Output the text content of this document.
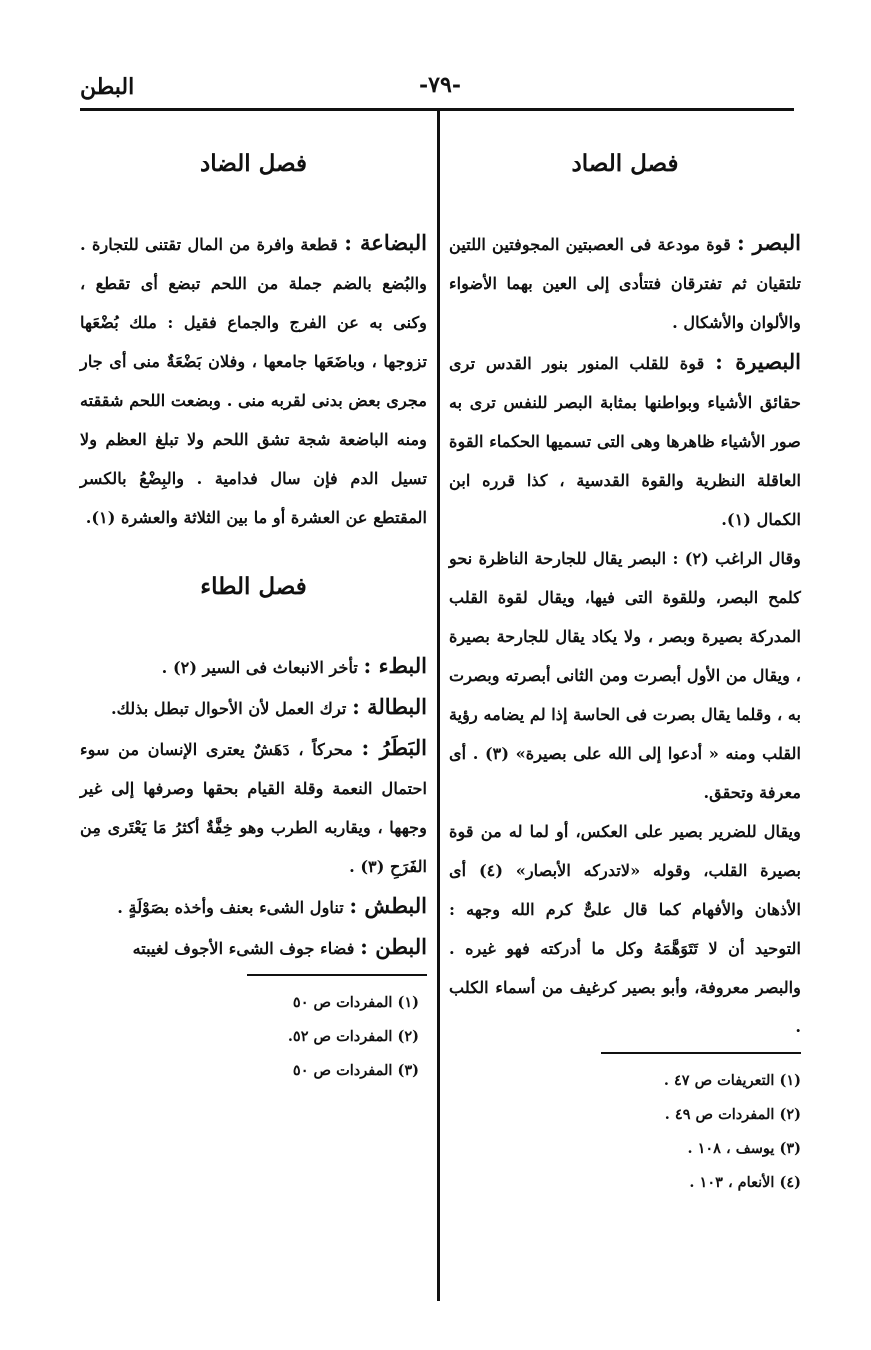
-٧٩-
البطن
فصل الصاد

البصر : قوة مودعة فى العصبتين المجوفتين اللتين تلتقيان ثم تفترقان فتتأدى إلى العين بهما الأضواء والألوان والأشكال .

البصيرة : قوة للقلب المنور بنور القدس ترى حقائق الأشياء وبواطنها بمثابة البصر للنفس ترى به صور الأشياء ظاهرها وهى التى تسميها الحكماء القوة العاقلة النظرية والقوة القدسية ، كذا قرره ابن الكمال (١).

وقال الراغب (٢) : البصر يقال للجارحة الناظرة نحو كلمح البصر، وللقوة التى فيها، ويقال لقوة القلب المدركة بصيرة وبصر ، ولا يكاد يقال للجارحة بصيرة ، ويقال من الأول أبصرت ومن الثانى أبصرته وبصرت به ، وقلما يقال بصرت فى الحاسة إذا لم يضامه رؤية القلب ومنه « أدعوا إلى الله على بصيرة» (٣) . أى معرفة وتحقق.

ويقال للضرير بصير على العكس، أو لما له من قوة بصيرة القلب، وقوله «لاتدركه الأبصار» (٤) أى الأذهان والأفهام كما قال علىٌّ كرم الله وجهه : التوحيد أن لا تَتَوَهَّمَهُ وكل ما أدركته فهو غيره . والبصر معروفة، وأبو بصير كرغيف من أسماء الكلب .

(١) التعريفات ص ٤٧ .

(٢) المفردات ص ٤٩ .

(٣) يوسف ، ١٠٨ .

(٤) الأنعام ، ١٠٣ .

فصل الضاد

البضاعة : قطعة وافرة من المال تقتنى للتجارة . والبُضع بالضم جملة من اللحم تبضع أى تقطع ، وكنى به عن الفرج والجماع فقيل : ملك بُضْعَها تزوجها ، وباضَعَها جامعها ، وفلان بَضْعَةٌ منى أى جار مجرى بعض بدنى لقربه منى . وبضعت اللحم شققته ومنه الباضعة شجة تشق اللحم ولا تبلغ العظم ولا تسيل الدم فإن سال فدامية . والبِضْعُ بالكسر المقتطع عن العشرة أو ما بين الثلاثة والعشرة (١).

فصل الطاء

البطء : تأخر الانبعاث فى السير (٢) .

البطالة : ترك العمل لأن الأحوال تبطل بذلك.

البَطَرُ : محركاً ، دَهَشٌ يعترى الإنسان من سوء احتمال النعمة وقلة القيام بحقها وصرفها إلى غير وجهها ، ويقاربه الطرب وهو خِفَّةٌ أكثرُ مَا يَعْتَرى مِن الفَرَحِ (٣) .

البطش : تناول الشىء بعنف وأخذه بصَوْلَةٍ .

البطن : فضاء جوف الشىء الأجوف لغيبته

(١) المفردات ص ٥٠

(٢) المفردات ص ٥٢.

(٣) المفردات ص ٥٠
